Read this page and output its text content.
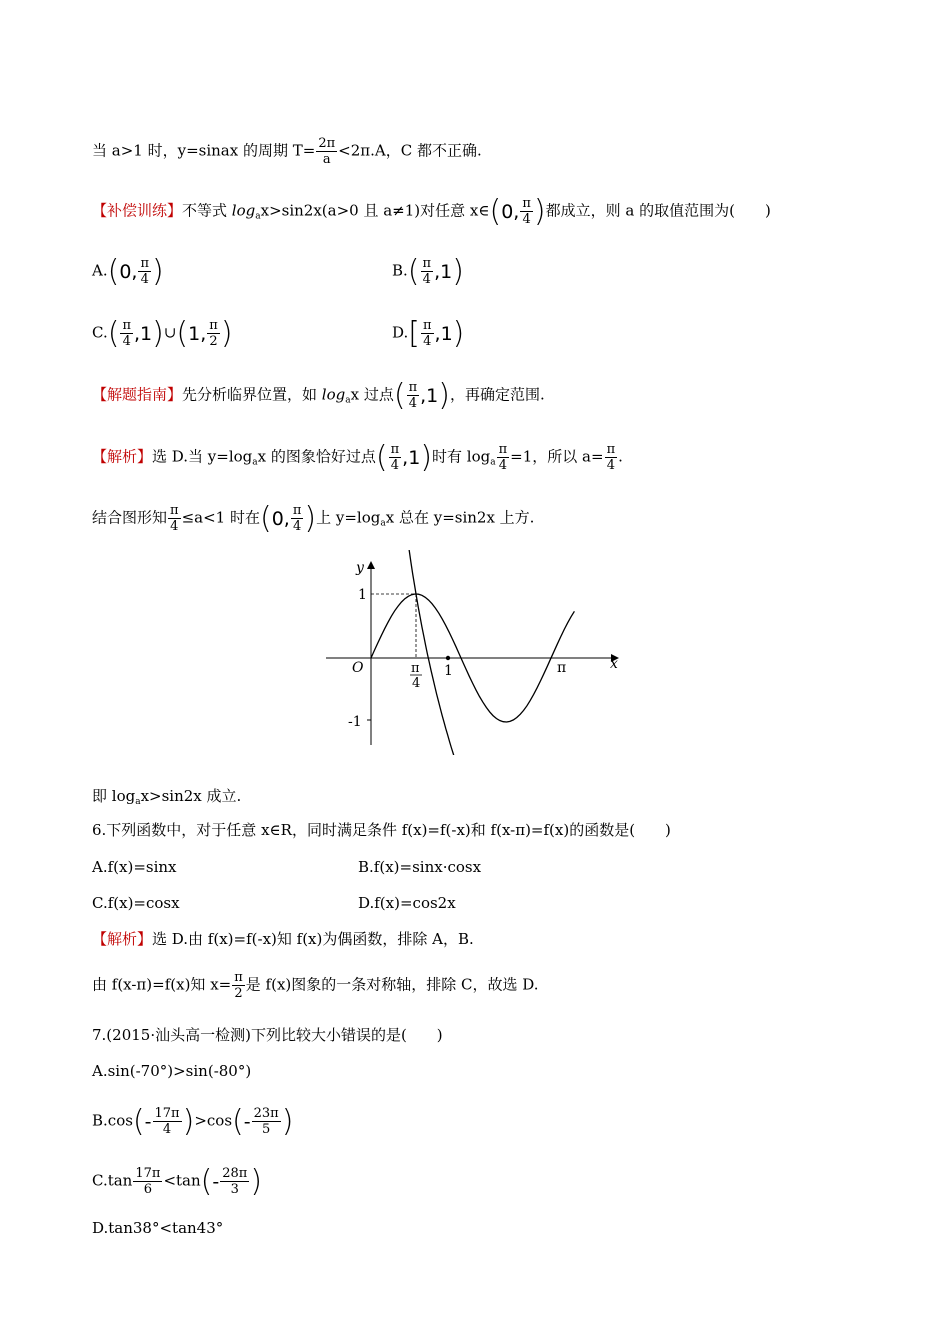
当 a>1 时，y=sinax 的周期 $T= \frac{2\pi}{a} <2\pi.A$，C 都不正确.
【补偿训练】不等式 $\log_ax>\sin 2x(a>0$ 且 a≠1)对任意 x∈ ( 0, $\frac{\pi}{4}$ ) 都成立，则 a 的取值范围为(　　)
A. ( 0, $\frac{\pi}{4}$ )	B. ( $\frac{\pi}{4} ,1$ )
C. ( $\frac{\pi}{4} ,1$ ) ∪ ( 1, $\frac{\pi}{2}$ )	D. [ $\frac{\pi}{4} ,1$ )
【解题指南】先分析临界位置，如 $\log_ax$ 过点 ( $\frac{\pi}{4} ,1$ ) ，再确定范围.
【解析】选 D.当 $y=\log_ax$ 的图象恰好过点 ( $\frac{\pi}{4} ,1$ ) 时有 $\log_a \frac{\pi}{4} =1$，所以 $a= \frac{\pi}{4}$ .
结合图形知 $\frac{\pi}{4} \le a<1$ 时在 ( 0, $\frac{\pi}{4}$ ) 上 $y=\log_ax$ 总在 y=sin2x 上方.
y
x
O
1
-1
π
4
1	π
即 $\log_ax>\sin 2x$ 成立.
6.下列函数中，对于任意 x∈R，同时满足条件 f(x)=f(-x)和 f(x-π)=f(x)的函数是(　　)
A.f(x)=sinx	B.f(x)=sinx·cosx
C.f(x)=cosx	D.f(x)=cos2x
【解析】选 D.由 f(x)=f(-x)知 f(x)为偶函数，排除 A，B.
由 f(x-π)=f(x)知 $x= \frac{\pi}{2}$ 是 f(x)图象的一条对称轴，排除 C，故选 D.
7.(2015·汕头高一检测)下列比较大小错误的是(　　)
A.sin(-70°)>sin(-80°)
B.cos ( - $\frac{17\pi}{4}$ ) >cos ( - $\frac{23\pi}{5}$ )
$C.\tan \frac{17\pi}{6} <\tan$ ( - $\frac{28\pi}{3}$ )
D.tan38°<tan43°
